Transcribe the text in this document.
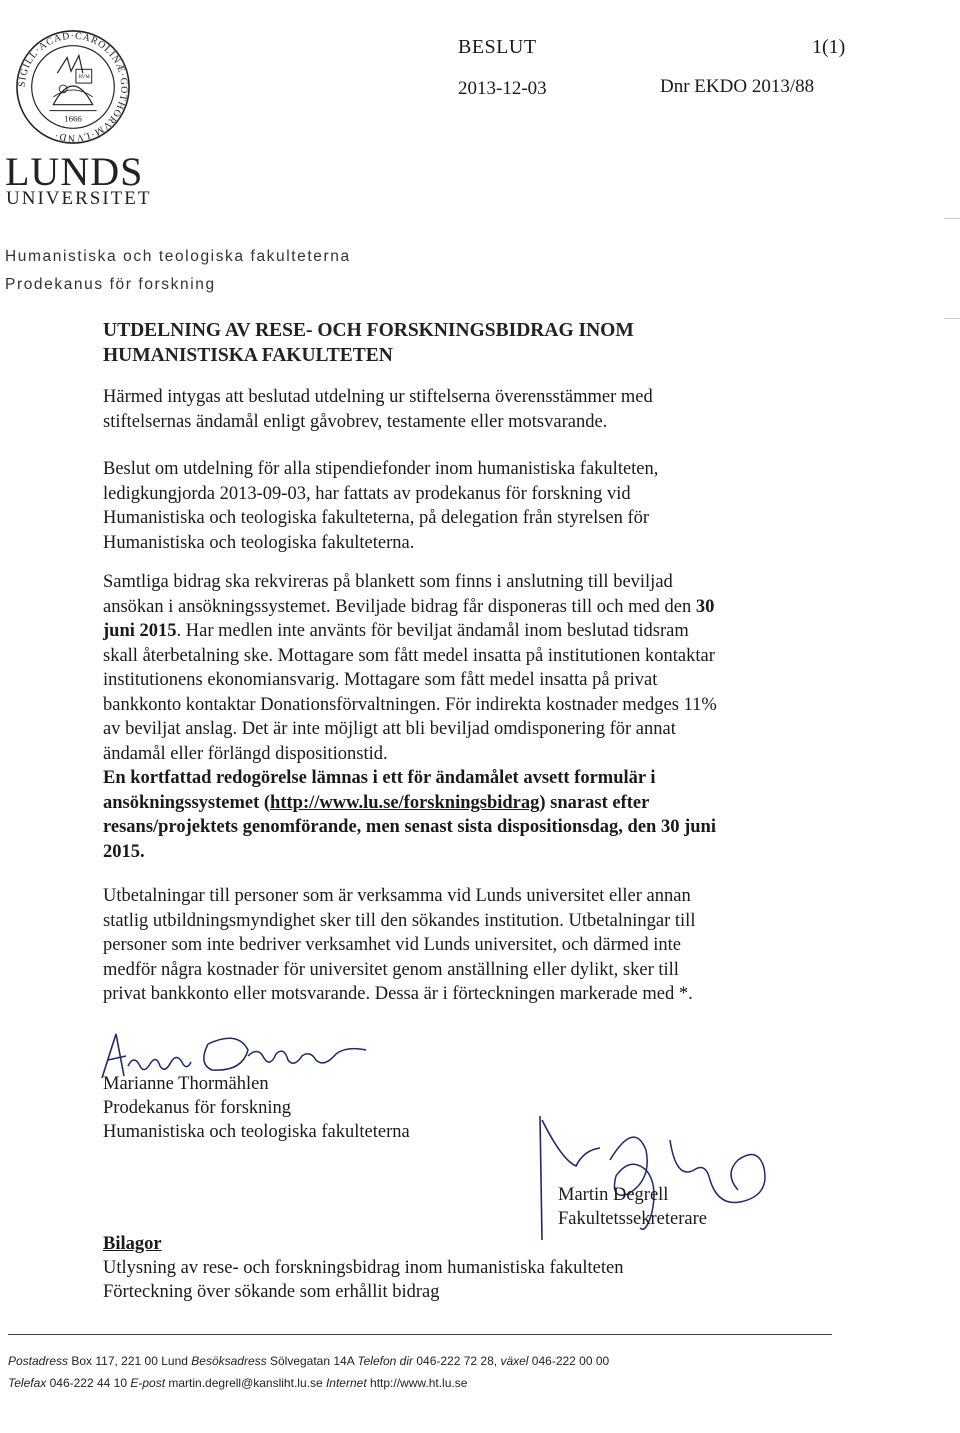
SIGILL·ACAD·CAROLINÆ·GOTHORVM·LVND·
RVM
1666
LUNDS
UNIVERSITET
BESLUT	1(1)
2013-12-03	Dnr EKDO 2013/88
Humanistiska och teologiska fakulteterna
Prodekanus för forskning
UTDELNING AV RESE- OCH FORSKNINGSBIDRAG INOM
HUMANISTISKA FAKULTETEN
Härmed intygas att beslutad utdelning ur stiftelserna överensstämmer med
stiftelsernas ändamål enligt gåvobrev, testamente eller motsvarande.
Beslut om utdelning för alla stipendiefonder inom humanistiska fakulteten,
ledigkungjorda 2013-09-03, har fattats av prodekanus för forskning vid
Humanistiska och teologiska fakulteterna, på delegation från styrelsen för
Humanistiska och teologiska fakulteterna.
Samtliga bidrag ska rekvireras på blankett som finns i anslutning till beviljad
ansökan i ansökningssystemet. Beviljade bidrag får disponeras till och med den 30
juni 2015. Har medlen inte använts för beviljat ändamål inom beslutad tidsram
skall återbetalning ske. Mottagare som fått medel insatta på institutionen kontaktar
institutionens ekonomiansvarig. Mottagare som fått medel insatta på privat
bankkonto kontaktar Donationsförvaltningen. För indirekta kostnader medges 11%
av beviljat anslag. Det är inte möjligt att bli beviljad omdisponering för annat
ändamål eller förlängd dispositionstid.
En kortfattad redogörelse lämnas i ett för ändamålet avsett formulär i
ansökningssystemet (http://www.lu.se/forskningsbidrag) snarast efter
resans/projektets genomförande, men senast sista dispositionsdag, den 30 juni
2015.
Utbetalningar till personer som är verksamma vid Lunds universitet eller annan
statlig utbildningsmyndighet sker till den sökandes institution. Utbetalningar till
personer som inte bedriver verksamhet vid Lunds universitet, och därmed inte
medför några kostnader för universitet genom anställning eller dylikt, sker till
privat bankkonto eller motsvarande. Dessa är i förteckningen markerade med *.
Marianne Thormählen
Prodekanus för forskning
Humanistiska och teologiska fakulteterna
Martin Degrell
Fakultetssekreterare
Bilagor
Utlysning av rese- och forskningsbidrag inom humanistiska fakulteten
Förteckning över sökande som erhållit bidrag
Postadress Box 117, 221 00 Lund Besöksadress Sölvegatan 14A Telefon dir 046-222 72 28, växel 046-222 00 00
Telefax 046-222 44 10 E-post martin.degrell@kansliht.lu.se Internet http://www.ht.lu.se
